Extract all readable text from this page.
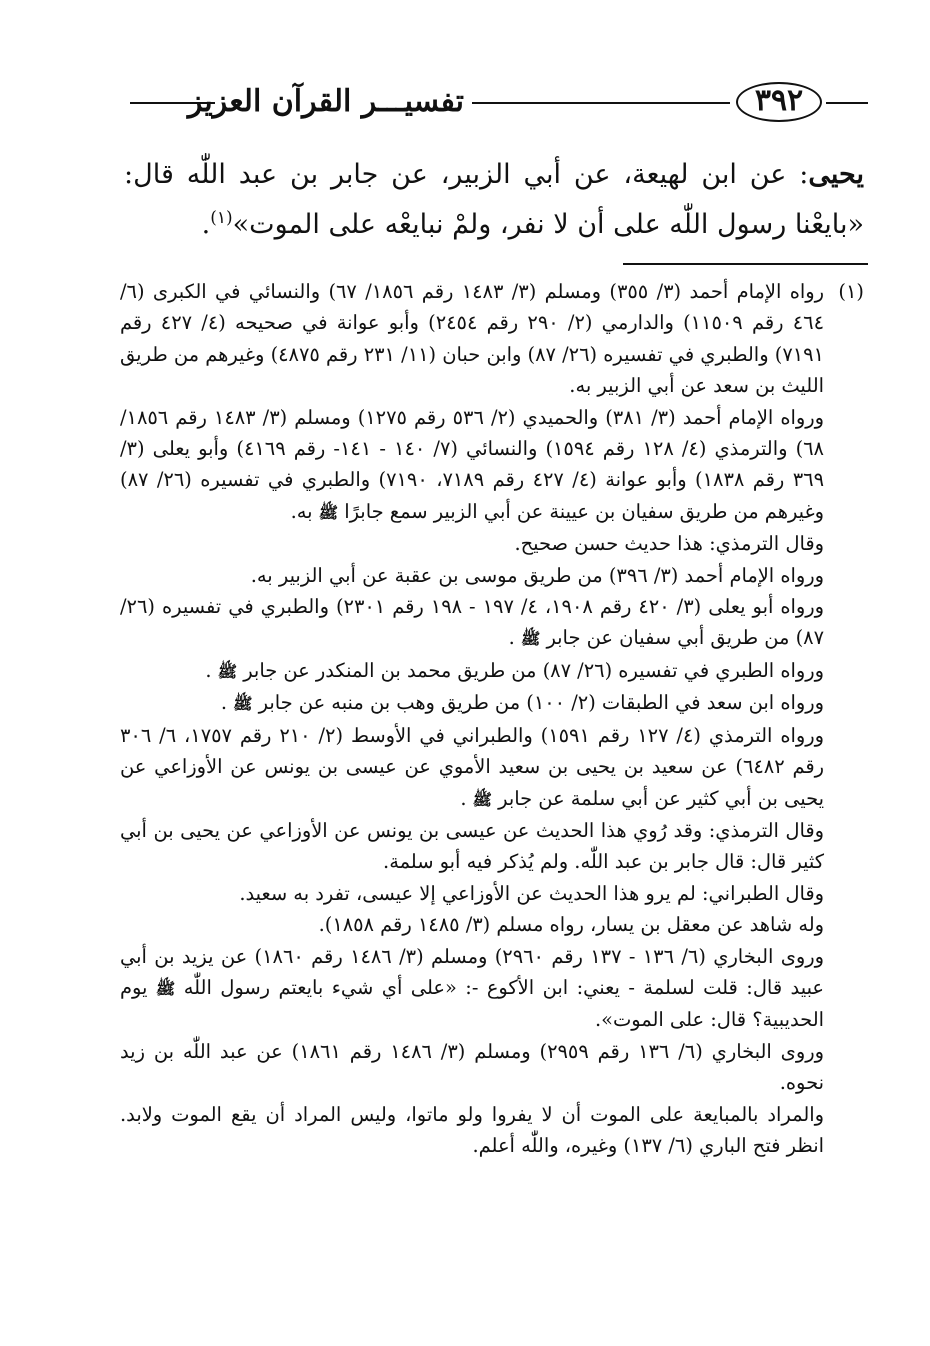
تفسيـــر القرآن العزيز	٣٩٢
يحيى: عن ابن لهيعة، عن أبي الزبير، عن جابر بن عبد اللّٰه قال: «بايعْنا رسول اللّٰه على أن لا نفر، ولمْ نبايعْه على الموت»$^{(١)}$.

(١)رواه الإمام أحمد (٣/ ٣٥٥) ومسلم (٣/ ١٤٨٣ رقم ١٨٥٦/ ٦٧) والنسائي في الكبرى (٦/ ٤٦٤ رقم ١١٥٠٩) والدارمي (٢/ ٢٩٠ رقم ٢٤٥٤) وأبو عوانة في صحيحه (٤/ ٤٢٧ رقم ٧١٩١) والطبري في تفسيره (٢٦/ ٨٧) وابن حبان (١١/ ٢٣١ رقم ٤٨٧٥) وغيرهم من طريق الليث بن سعد عن أبي الزبير به.

ورواه الإمام أحمد (٣/ ٣٨١) والحميدي (٢/ ٥٣٦ رقم ١٢٧٥) ومسلم (٣/ ١٤٨٣ رقم ١٨٥٦/ ٦٨) والترمذي (٤/ ١٢٨ رقم ١٥٩٤) والنسائي (٧/ ١٤٠ - ١٤١- رقم ٤١٦٩) وأبو يعلى (٣/ ٣٦٩ رقم ١٨٣٨) وأبو عوانة (٤/ ٤٢٧ رقم ٧١٨٩، ٧١٩٠) والطبري في تفسيره (٢٦/ ٨٧) وغيرهم من طريق سفيان بن عيينة عن أبي الزبير سمع جابرًا ﷺ به.

وقال الترمذي: هذا حديث حسن صحيح.

ورواه الإمام أحمد (٣/ ٣٩٦) من طريق موسى بن عقبة عن أبي الزبير به.

ورواه أبو يعلى (٣/ ٤٢٠ رقم ١٩٠٨، ٤/ ١٩٧ - ١٩٨ رقم ٢٣٠١) والطبري في تفسيره (٢٦/ ٨٧) من طريق أبي سفيان عن جابر ﷺ .

ورواه الطبري في تفسيره (٢٦/ ٨٧) من طريق محمد بن المنكدر عن جابر ﷺ .

ورواه ابن سعد في الطبقات (٢/ ١٠٠) من طريق وهب بن منبه عن جابر ﷺ .

ورواه الترمذي (٤/ ١٢٧ رقم ١٥٩١) والطبراني في الأوسط (٢/ ٢١٠ رقم ١٧٥٧، ٦/ ٣٠٦ رقم ٦٤٨٢) عن سعيد بن يحيى بن سعيد الأموي عن عيسى بن يونس عن الأوزاعي عن يحيى بن أبي كثير عن أبي سلمة عن جابر ﷺ .

وقال الترمذي: وقد رُوي هذا الحديث عن عيسى بن يونس عن الأوزاعي عن يحيى بن أبي كثير قال: قال جابر بن عبد اللّٰه. ولم يُذكر فيه أبو سلمة.

وقال الطبراني: لم يرو هذا الحديث عن الأوزاعي إلا عيسى، تفرد به سعيد.

وله شاهد عن معقل بن يسار، رواه مسلم (٣/ ١٤٨٥ رقم ١٨٥٨).

وروى البخاري (٦/ ١٣٦ - ١٣٧ رقم ٢٩٦٠) ومسلم (٣/ ١٤٨٦ رقم ١٨٦٠) عن يزيد بن أبي عبيد قال: قلت لسلمة - يعني: ابن الأكوع -: «على أي شيء بايعتم رسول اللّٰه ﷺ يوم الحديبية؟ قال: على الموت».

وروى البخاري (٦/ ١٣٦ رقم ٢٩٥٩) ومسلم (٣/ ١٤٨٦ رقم ١٨٦١) عن عبد اللّٰه بن زيد نحوه.

والمراد بالمبايعة على الموت أن لا يفروا ولو ماتوا، وليس المراد أن يقع الموت ولابد. انظر فتح الباري (٦/ ١٣٧) وغيره، واللّٰه أعلم.
